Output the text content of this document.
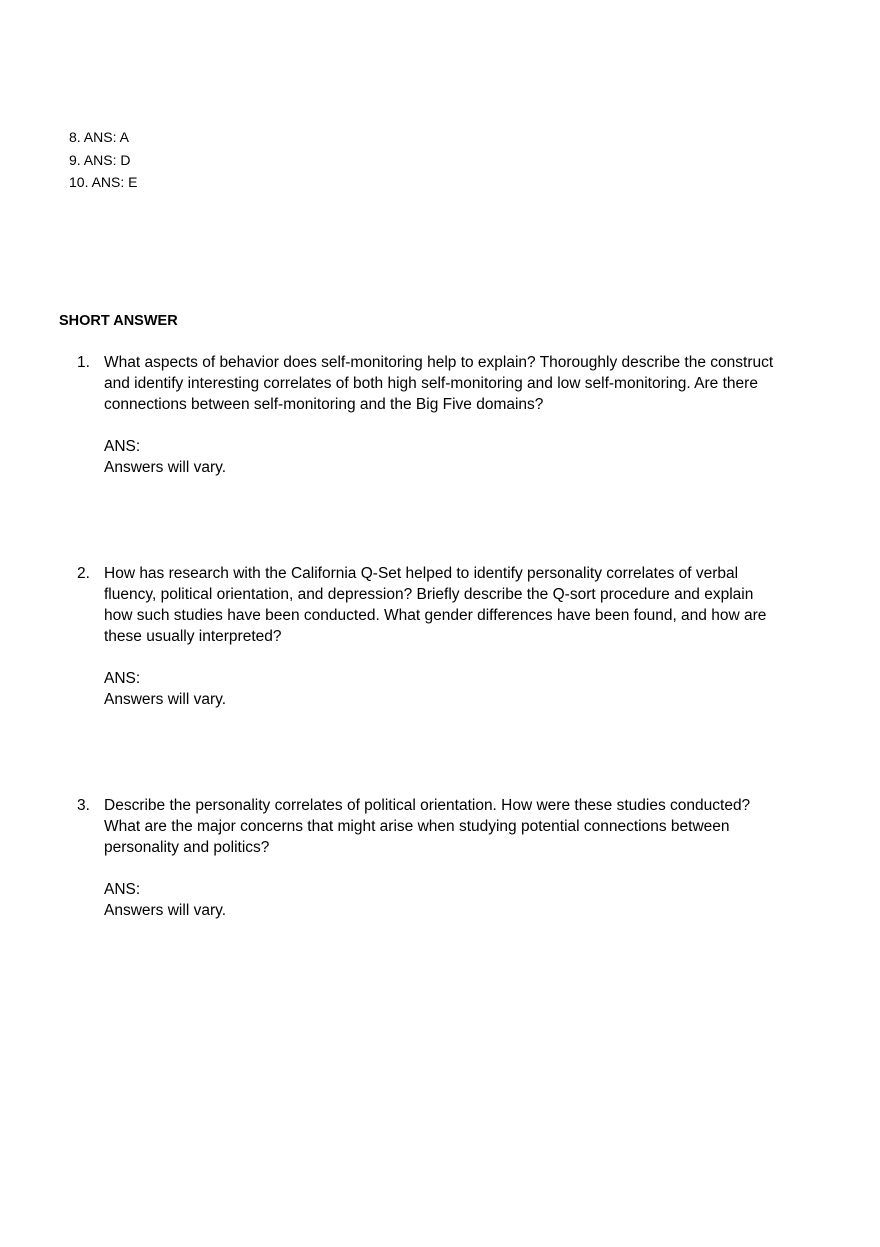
8. ANS: A
9. ANS: D
10. ANS: E
SHORT ANSWER
1. What aspects of behavior does self-monitoring help to explain? Thoroughly describe the construct and identify interesting correlates of both high self-monitoring and low self-monitoring. Are there connections between self-monitoring and the Big Five domains?

ANS:

Answers will vary.

2. How has research with the California Q-Set helped to identify personality correlates of verbal fluency, political orientation, and depression? Briefly describe the Q-sort procedure and explain how such studies have been conducted. What gender differences have been found, and how are these usually interpreted?

ANS:

Answers will vary.

3. Describe the personality correlates of political orientation. How were these studies conducted? What are the major concerns that might arise when studying potential connections between personality and politics?

ANS:

Answers will vary.
